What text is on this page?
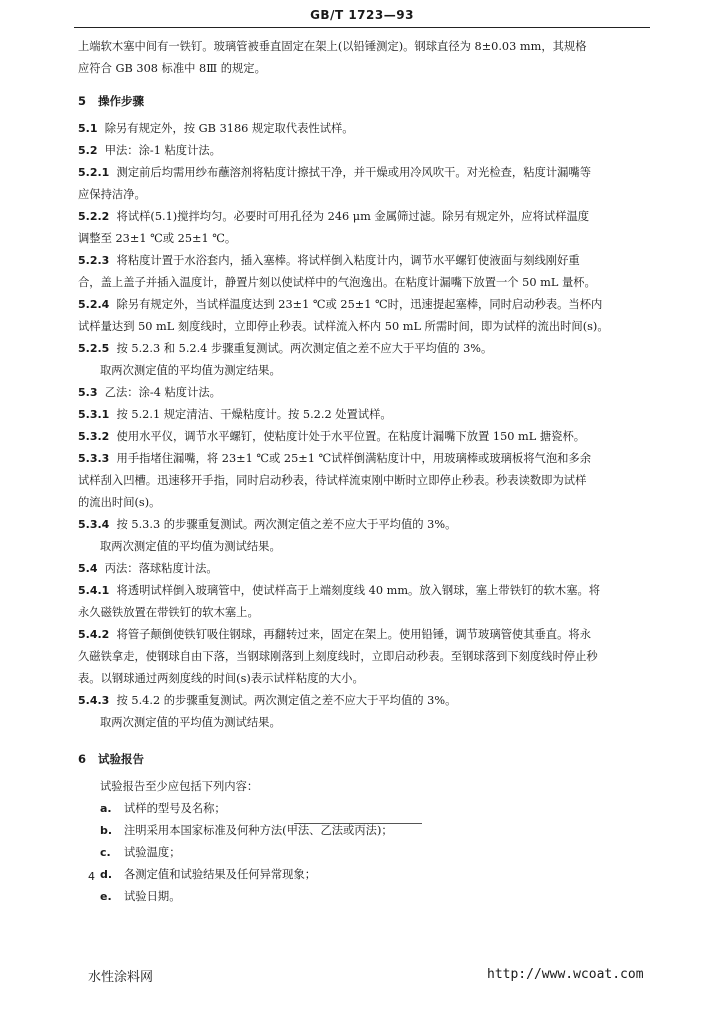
GB/T 1723—93
上端软木塞中间有一铁钉。玻璃管被垂直固定在架上(以铅锤测定)。钢球直径为 8±0.03 mm，其规格
应符合 GB 308 标准中 8Ⅲ 的规定。
5 操作步骤
5.1 除另有规定外，按 GB 3186 规定取代表性试样。
5.2 甲法：涂-1 粘度计法。
5.2.1 测定前后均需用纱布蘸溶剂将粘度计擦拭干净，并干燥或用冷风吹干。对光检查，粘度计漏嘴等
应保持洁净。
5.2.2 将试样(5.1)搅拌均匀。必要时可用孔径为 246 μm 金属筛过滤。除另有规定外，应将试样温度
调整至 23±1 ℃或 25±1 ℃。
5.2.3 将粘度计置于水浴套内，插入塞棒。将试样倒入粘度计内，调节水平螺钉使液面与刻线刚好重
合，盖上盖子并插入温度计，静置片刻以使试样中的气泡逸出。在粘度计漏嘴下放置一个 50 mL 量杯。
5.2.4 除另有规定外，当试样温度达到 23±1 ℃或 25±1 ℃时，迅速提起塞棒，同时启动秒表。当杯内
试样量达到 50 mL 刻度线时，立即停止秒表。试样流入杯内 50 mL 所需时间，即为试样的流出时间(s)。
5.2.5 按 5.2.3 和 5.2.4 步骤重复测试。两次测定值之差不应大于平均值的 3%。
取两次测定值的平均值为测定结果。
5.3 乙法：涂-4 粘度计法。
5.3.1 按 5.2.1 规定清洁、干燥粘度计。按 5.2.2 处置试样。
5.3.2 使用水平仪，调节水平螺钉，使粘度计处于水平位置。在粘度计漏嘴下放置 150 mL 搪瓷杯。
5.3.3 用手指堵住漏嘴，将 23±1 ℃或 25±1 ℃试样倒满粘度计中，用玻璃棒或玻璃板将气泡和多余
试样刮入凹槽。迅速移开手指，同时启动秒表，待试样流束刚中断时立即停止秒表。秒表读数即为试样
的流出时间(s)。
5.3.4 按 5.3.3 的步骤重复测试。两次测定值之差不应大于平均值的 3%。
取两次测定值的平均值为测试结果。
5.4 丙法：落球粘度计法。
5.4.1 将透明试样倒入玻璃管中，使试样高于上端刻度线 40 mm。放入钢球，塞上带铁钉的软木塞。将
永久磁铁放置在带铁钉的软木塞上。
5.4.2 将管子颠倒使铁钉吸住钢球，再翻转过来，固定在架上。使用铅锤，调节玻璃管使其垂直。将永
久磁铁拿走，使钢球自由下落，当钢球刚落到上刻度线时，立即启动秒表。至钢球落到下刻度线时停止秒
表。以钢球通过两刻度线的时间(s)表示试样粘度的大小。
5.4.3 按 5.4.2 的步骤重复测试。两次测定值之差不应大于平均值的 3%。
取两次测定值的平均值为测试结果。
6 试验报告
试验报告至少应包括下列内容：
a. 试样的型号及名称；
b. 注明采用本国家标准及何种方法(甲法、乙法或丙法)；
c. 试验温度；
d. 各测定值和试验结果及任何异常现象；
e. 试验日期。
4
水性涂料网	http://www.wcoat.com
